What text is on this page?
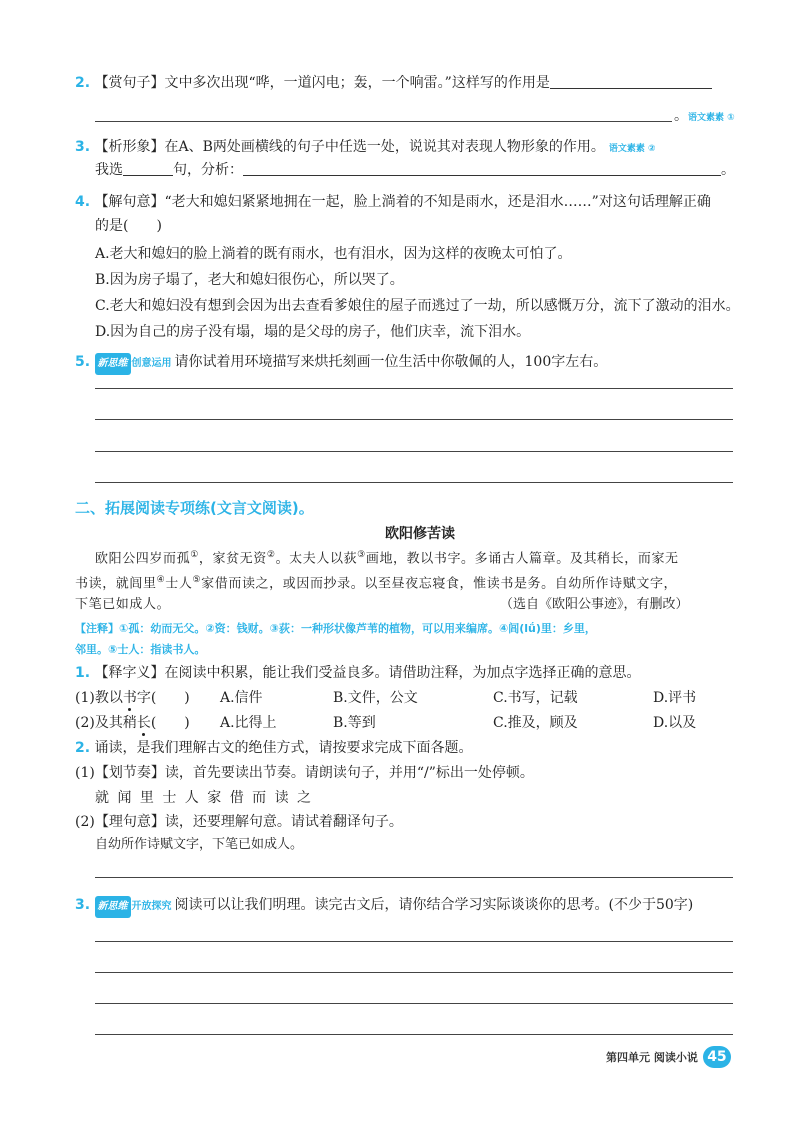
2. 【赏句子】文中多次出现“哗，一道闪电；轰，一个响雷。”这样写的作用是
。语文素素 ①
3. 【析形象】在A、B两处画横线的句子中任选一处，说说其对表现人物形象的作用。 语文素素 ②
我选	句，分析：	。
4. 【解句意】“老大和媳妇紧紧地拥在一起，脸上淌着的不知是雨水，还是泪水……”对这句话理解正确
的是(　　)
A.老大和媳妇的脸上淌着的既有雨水，也有泪水，因为这样的夜晚太可怕了。
B.因为房子塌了，老大和媳妇很伤心，所以哭了。
C.老大和媳妇没有想到会因为出去查看爹娘住的屋子而逃过了一劫，所以感慨万分，流下了激动的泪水。
D.因为自己的房子没有塌，塌的是父母的房子，他们庆幸，流下泪水。
5. 新思维 创意运用 请你试着用环境描写来烘托刻画一位生活中你敬佩的人，100字左右。
二、拓展阅读专项练(文言文阅读)。
欧阳修苦读
欧阳公四岁而孤①，家贫无资②。太夫人以荻③画地，教以书字。多诵古人篇章。及其稍长，而家无
书读，就闾里④士人⑤家借而读之，或因而抄录。以至昼夜忘寝食，惟读书是务。自幼所作诗赋文字，
下笔已如成人。	（选自《欧阳公事迹》，有删改）
【注释】①孤：幼而无父。②资：钱财。③荻：一种形状像芦苇的植物，可以用来编席。④闾(lǘ)里：乡里，
邻里。⑤士人：指读书人。
1. 【释字义】在阅读中积累，能让我们受益良多。请借助注释，为加点字选择正确的意思。
(1)教以书字(　　) A.信件	B.文件，公文	C.书写，记载	D.评书
(2)及其稍长(　　) A.比得上	B.等到	C.推及，顾及	D.以及
2. 诵读，是我们理解古文的绝佳方式，请按要求完成下面各题。
(1)【划节奏】读，首先要读出节奏。请朗读句子，并用“/”标出一处停顿。
就 闻 里 士 人 家 借 而 读 之
(2)【理句意】读，还要理解句意。请试着翻译句子。
自幼所作诗赋文字，下笔已如成人。
3. 新思维 开放探究 阅读可以让我们明理。读完古文后，请你结合学习实际谈谈你的思考。(不少于50字)
第四单元 阅读小说 45
